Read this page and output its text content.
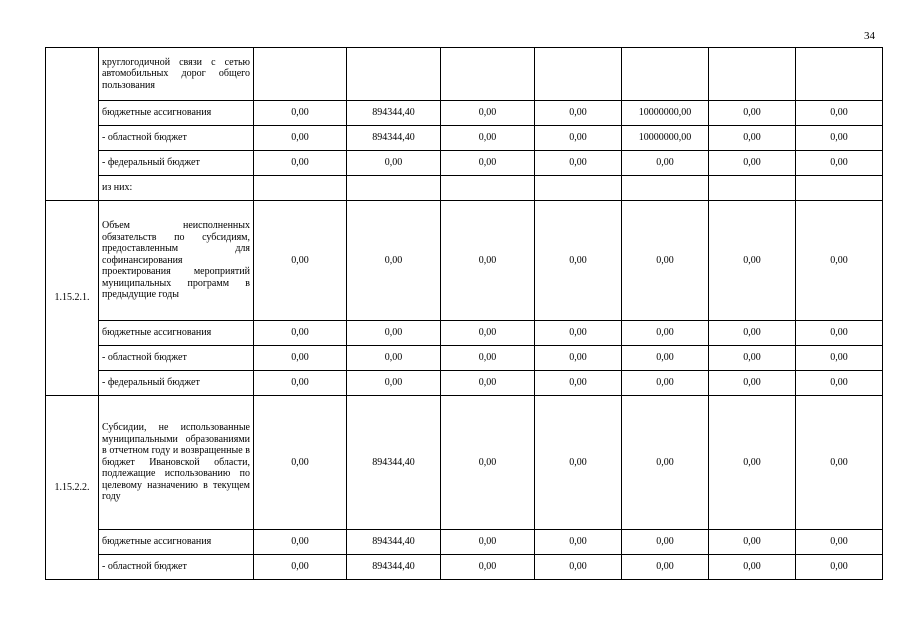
34
	круглогодичной связи с сетью автомобильных дорог общего пользования							
	бюджетные ассигнования	0,00	894344,40	0,00	0,00	10000000,00	0,00	0,00
	- областной бюджет	0,00	894344,40	0,00	0,00	10000000,00	0,00	0,00
	- федеральный бюджет	0,00	0,00	0,00	0,00	0,00	0,00	0,00
	из них:							
1.15.2.1.	Объем неисполненных обязательств по субсидиям, предоставленным для софинансирования проектирования мероприятий муниципальных программ в предыдущие годы	0,00	0,00	0,00	0,00	0,00	0,00	0,00
	бюджетные ассигнования	0,00	0,00	0,00	0,00	0,00	0,00	0,00
	- областной бюджет	0,00	0,00	0,00	0,00	0,00	0,00	0,00
	- федеральный бюджет	0,00	0,00	0,00	0,00	0,00	0,00	0,00
1.15.2.2.	Субсидии, не использованные муниципальными образованиями в отчетном году и возвращенные в бюджет Ивановской области, подлежащие использованию по целевому назначению в текущем году	0,00	894344,40	0,00	0,00	0,00	0,00	0,00
	бюджетные ассигнования	0,00	894344,40	0,00	0,00	0,00	0,00	0,00
	- областной бюджет	0,00	894344,40	0,00	0,00	0,00	0,00	0,00
